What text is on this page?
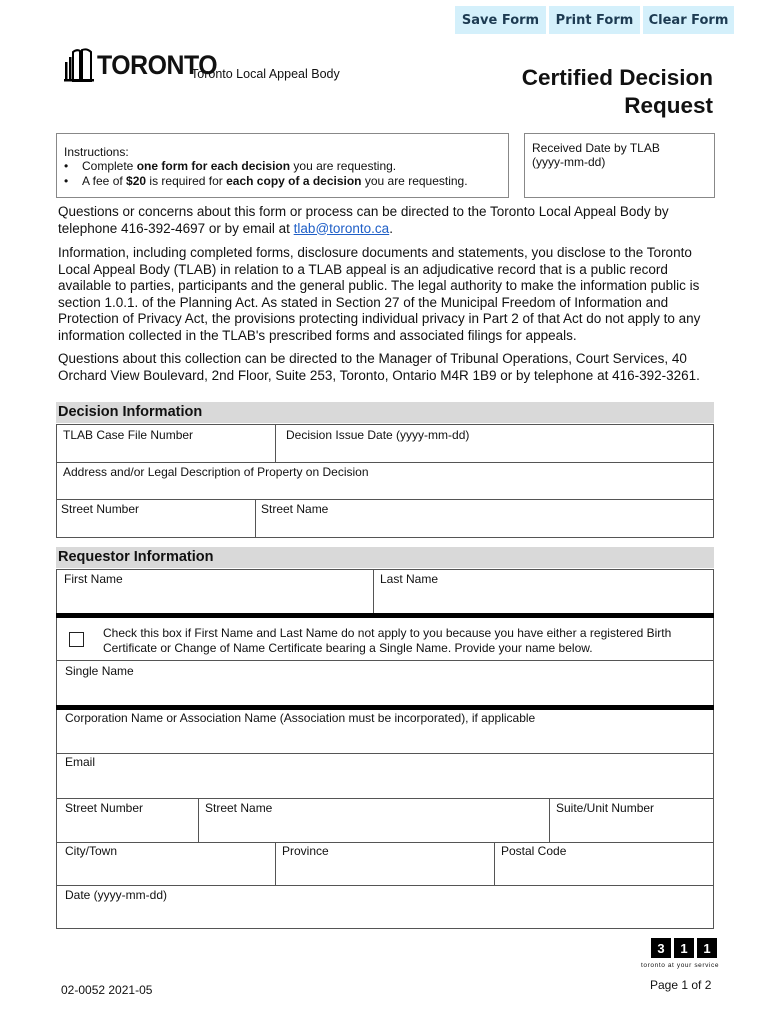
Save Form	Print Form	Clear Form
TORONTO
Toronto Local Appeal Body	Certified Decision
Request
Instructions:
• Complete one form for each decision you are requesting.
• A fee of $20 is required for each copy of a decision you are requesting.
Received Date by TLAB
(yyyy-mm-dd)
Questions or concerns about this form or process can be directed to the Toronto Local Appeal Body by telephone 416-392-4697 or by email at tlab@toronto.ca.
Information, including completed forms, disclosure documents and statements, you disclose to the Toronto Local Appeal Body (TLAB) in relation to a TLAB appeal is an adjudicative record that is a public record available to parties, participants and the general public. The legal authority to make the information public is section 1.0.1. of the Planning Act. As stated in Section 27 of the Municipal Freedom of Information and Protection of Privacy Act, the provisions protecting individual privacy in Part 2 of that Act do not apply to any information collected in the TLAB's prescribed forms and associated filings for appeals.
Questions about this collection can be directed to the Manager of Tribunal Operations, Court Services, 40 Orchard View Boulevard, 2nd Floor, Suite 253, Toronto, Ontario M4R 1B9 or by telephone at 416-392-3261.
Decision Information
TLAB Case File Number	Decision Issue Date (yyyy-mm-dd)
Address and/or Legal Description of Property on Decision
Street Number	Street Name
Requestor Information
First Name	Last Name
Check this box if First Name and Last Name do not apply to you because you have either a registered Birth
Certificate or Change of Name Certificate bearing a Single Name. Provide your name below.
Single Name
Corporation Name or Association Name (Association must be incorporated), if applicable
Email
Street Number	Street Name	Suite/Unit Number
City/Town	Province	Postal Code
Date (yyyy-mm-dd)
3	1	1
toronto at your service
02-0052 2021-05	Page 1 of 2
